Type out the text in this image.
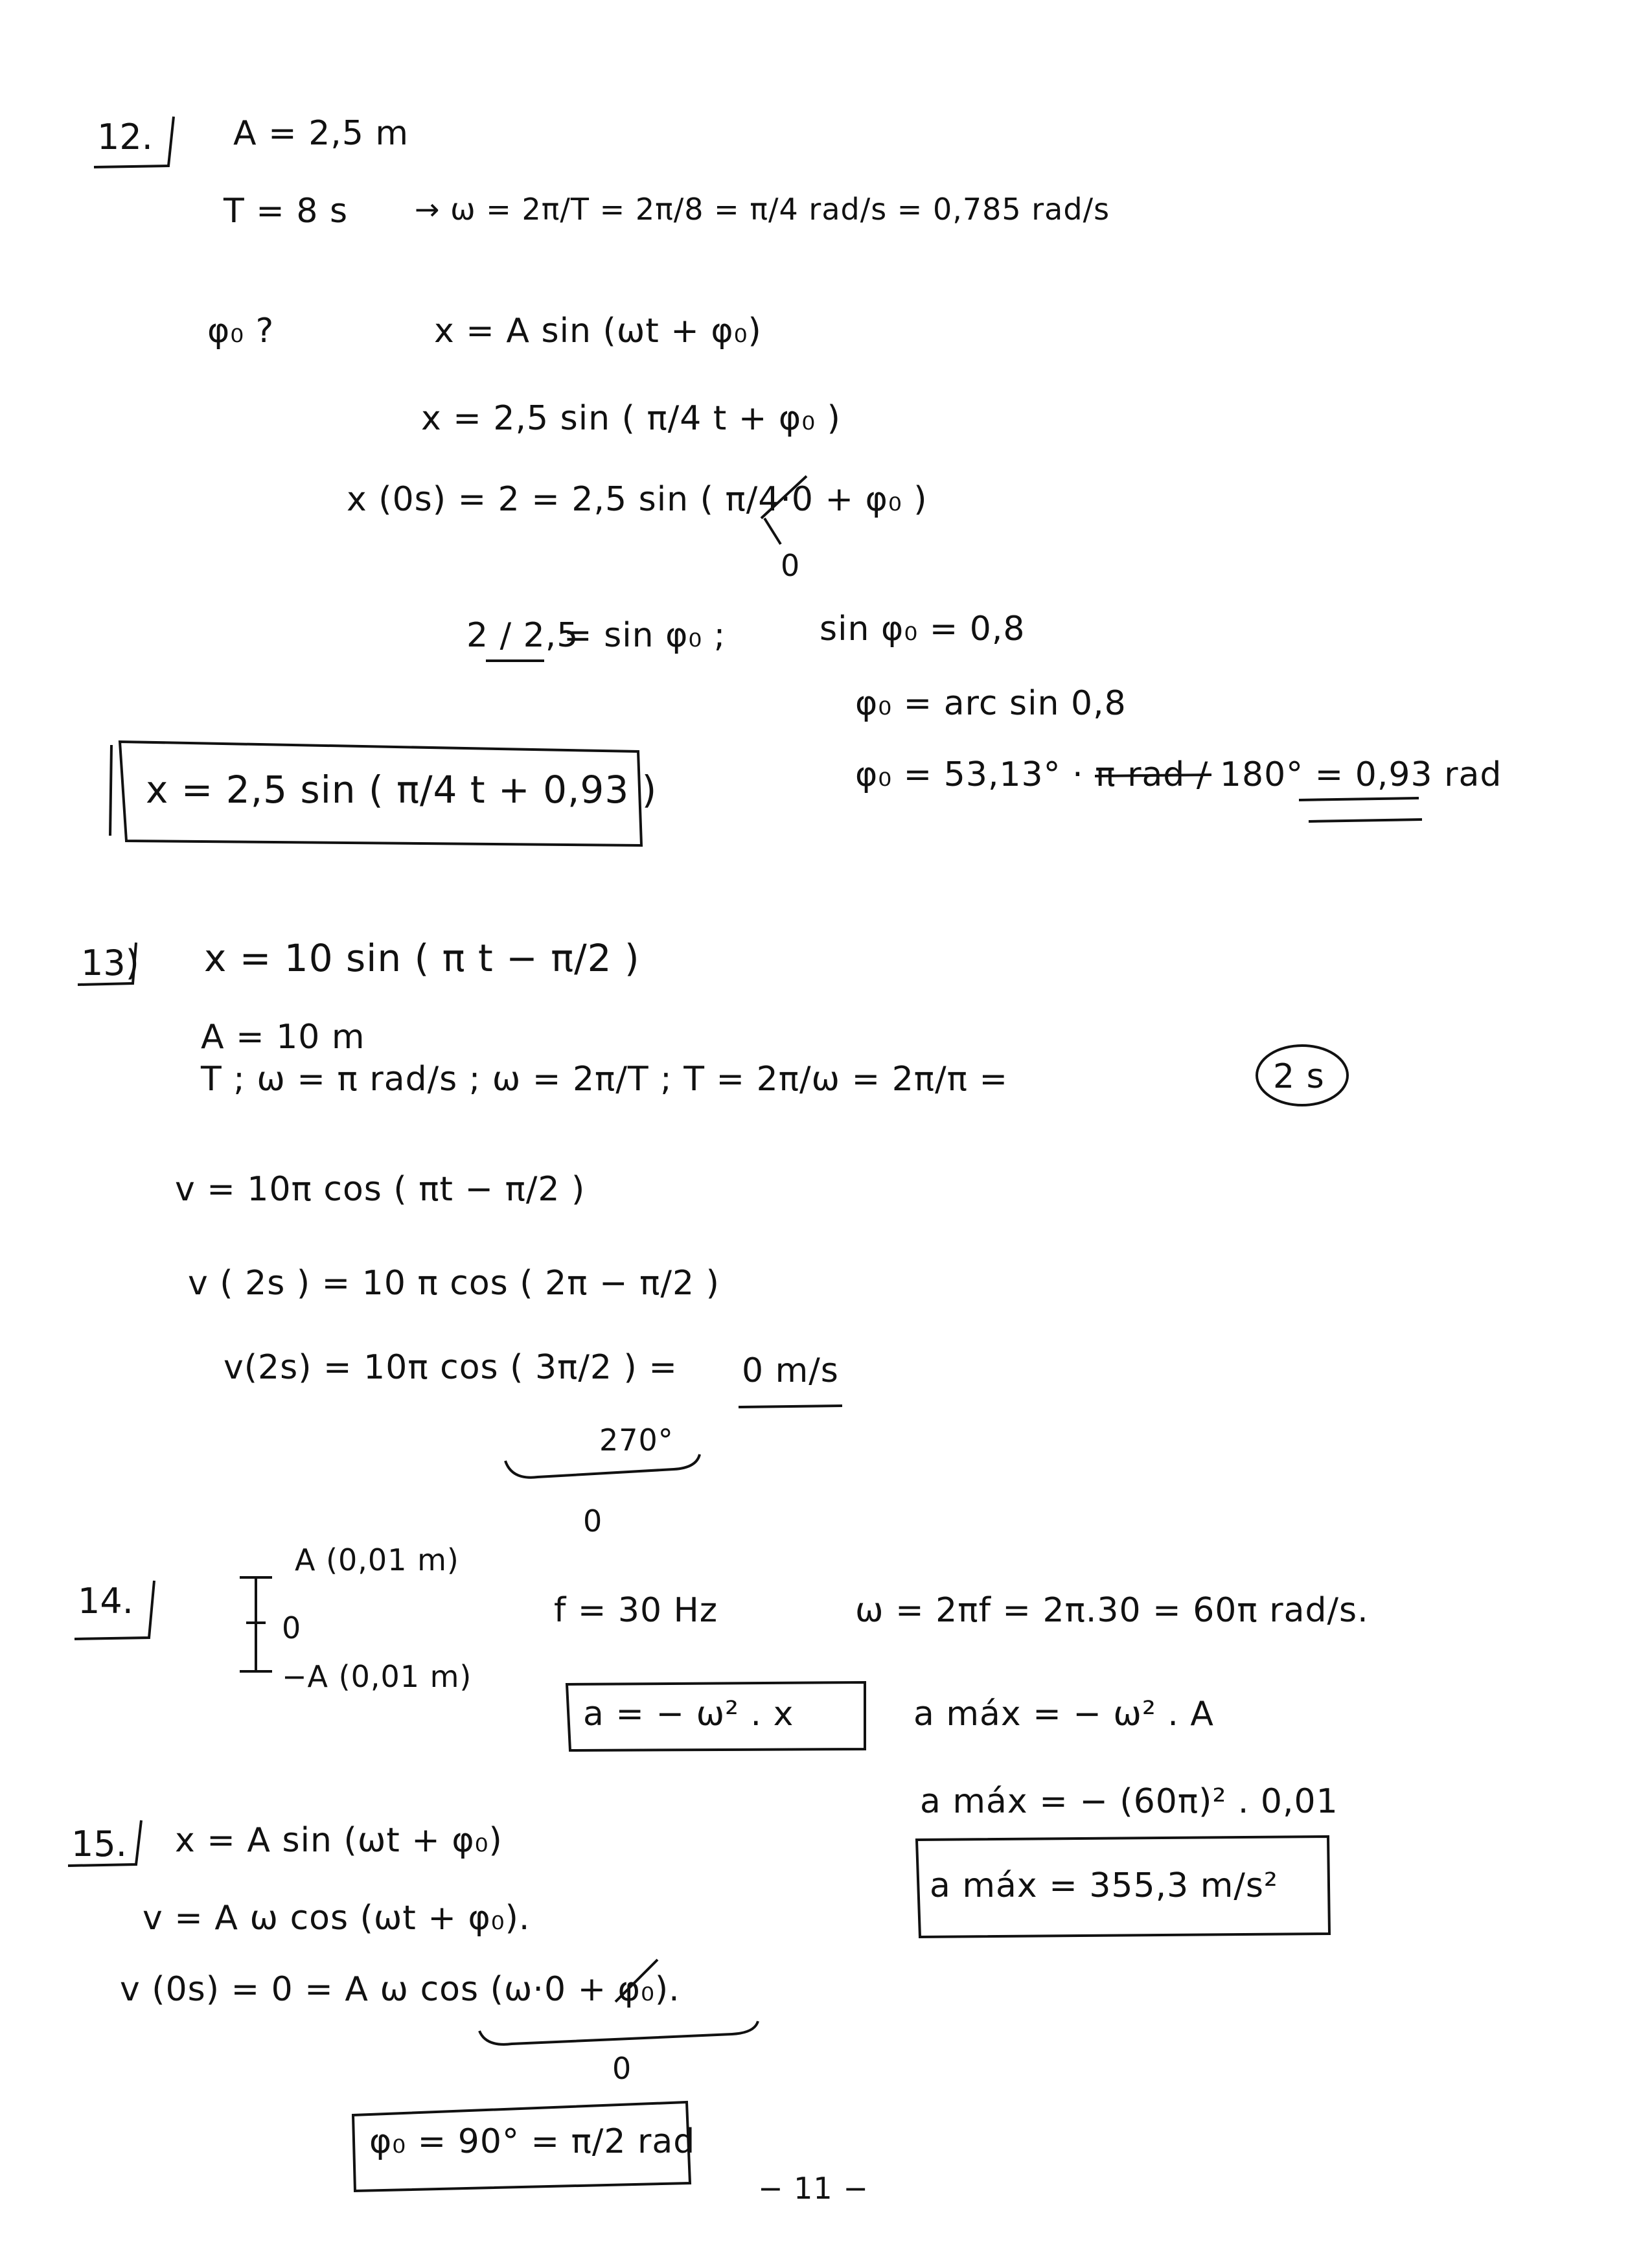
12. A = 2,5 m
T = 8 s → ω = 2π/T = 2π/8 = π/4 rad/s = 0,785 rad/s
φ₀ ?	x = A sin (ωt + φ₀)
x = 2,5 sin ( π/4 t + φ₀ )
x (0s) = 2 = 2,5 sin ( π/4·0 + φ₀ )
0
2 / 2,5
= sin φ₀ ;	sin φ₀ = 0,8
φ₀ = arc sin 0,8
φ₀ = 53,13° · π rad / 180° = 0,93 rad
x = 2,5 sin ( π/4 t + 0,93 )
13) x = 10 sin ( π t − π/2 )
A = 10 m
T ; ω = π rad/s ; ω = 2π/T ; T = 2π/ω = 2π/π =	2 s
v = 10π cos ( πt − π/2 )
v ( 2s ) = 10 π cos ( 2π − π/2 )
v(2s) = 10π cos ( 3π/2 ) = 0 m/s
270°
0
14.
A (0,01 m)
0
−A (0,01 m)
f = 30 Hz	ω = 2πf = 2π.30 = 60π rad/s.
a = − ω² . x	a máx = − ω² . A
a máx = − (60π)² . 0,01
a máx = 355,3 m/s²
15. x = A sin (ωt + φ₀)
v = A ω cos (ωt + φ₀).
v (0s) = 0 = A ω cos (ω·0 + φ₀).
0
φ₀ = 90° = π/2 rad
− 11 −
